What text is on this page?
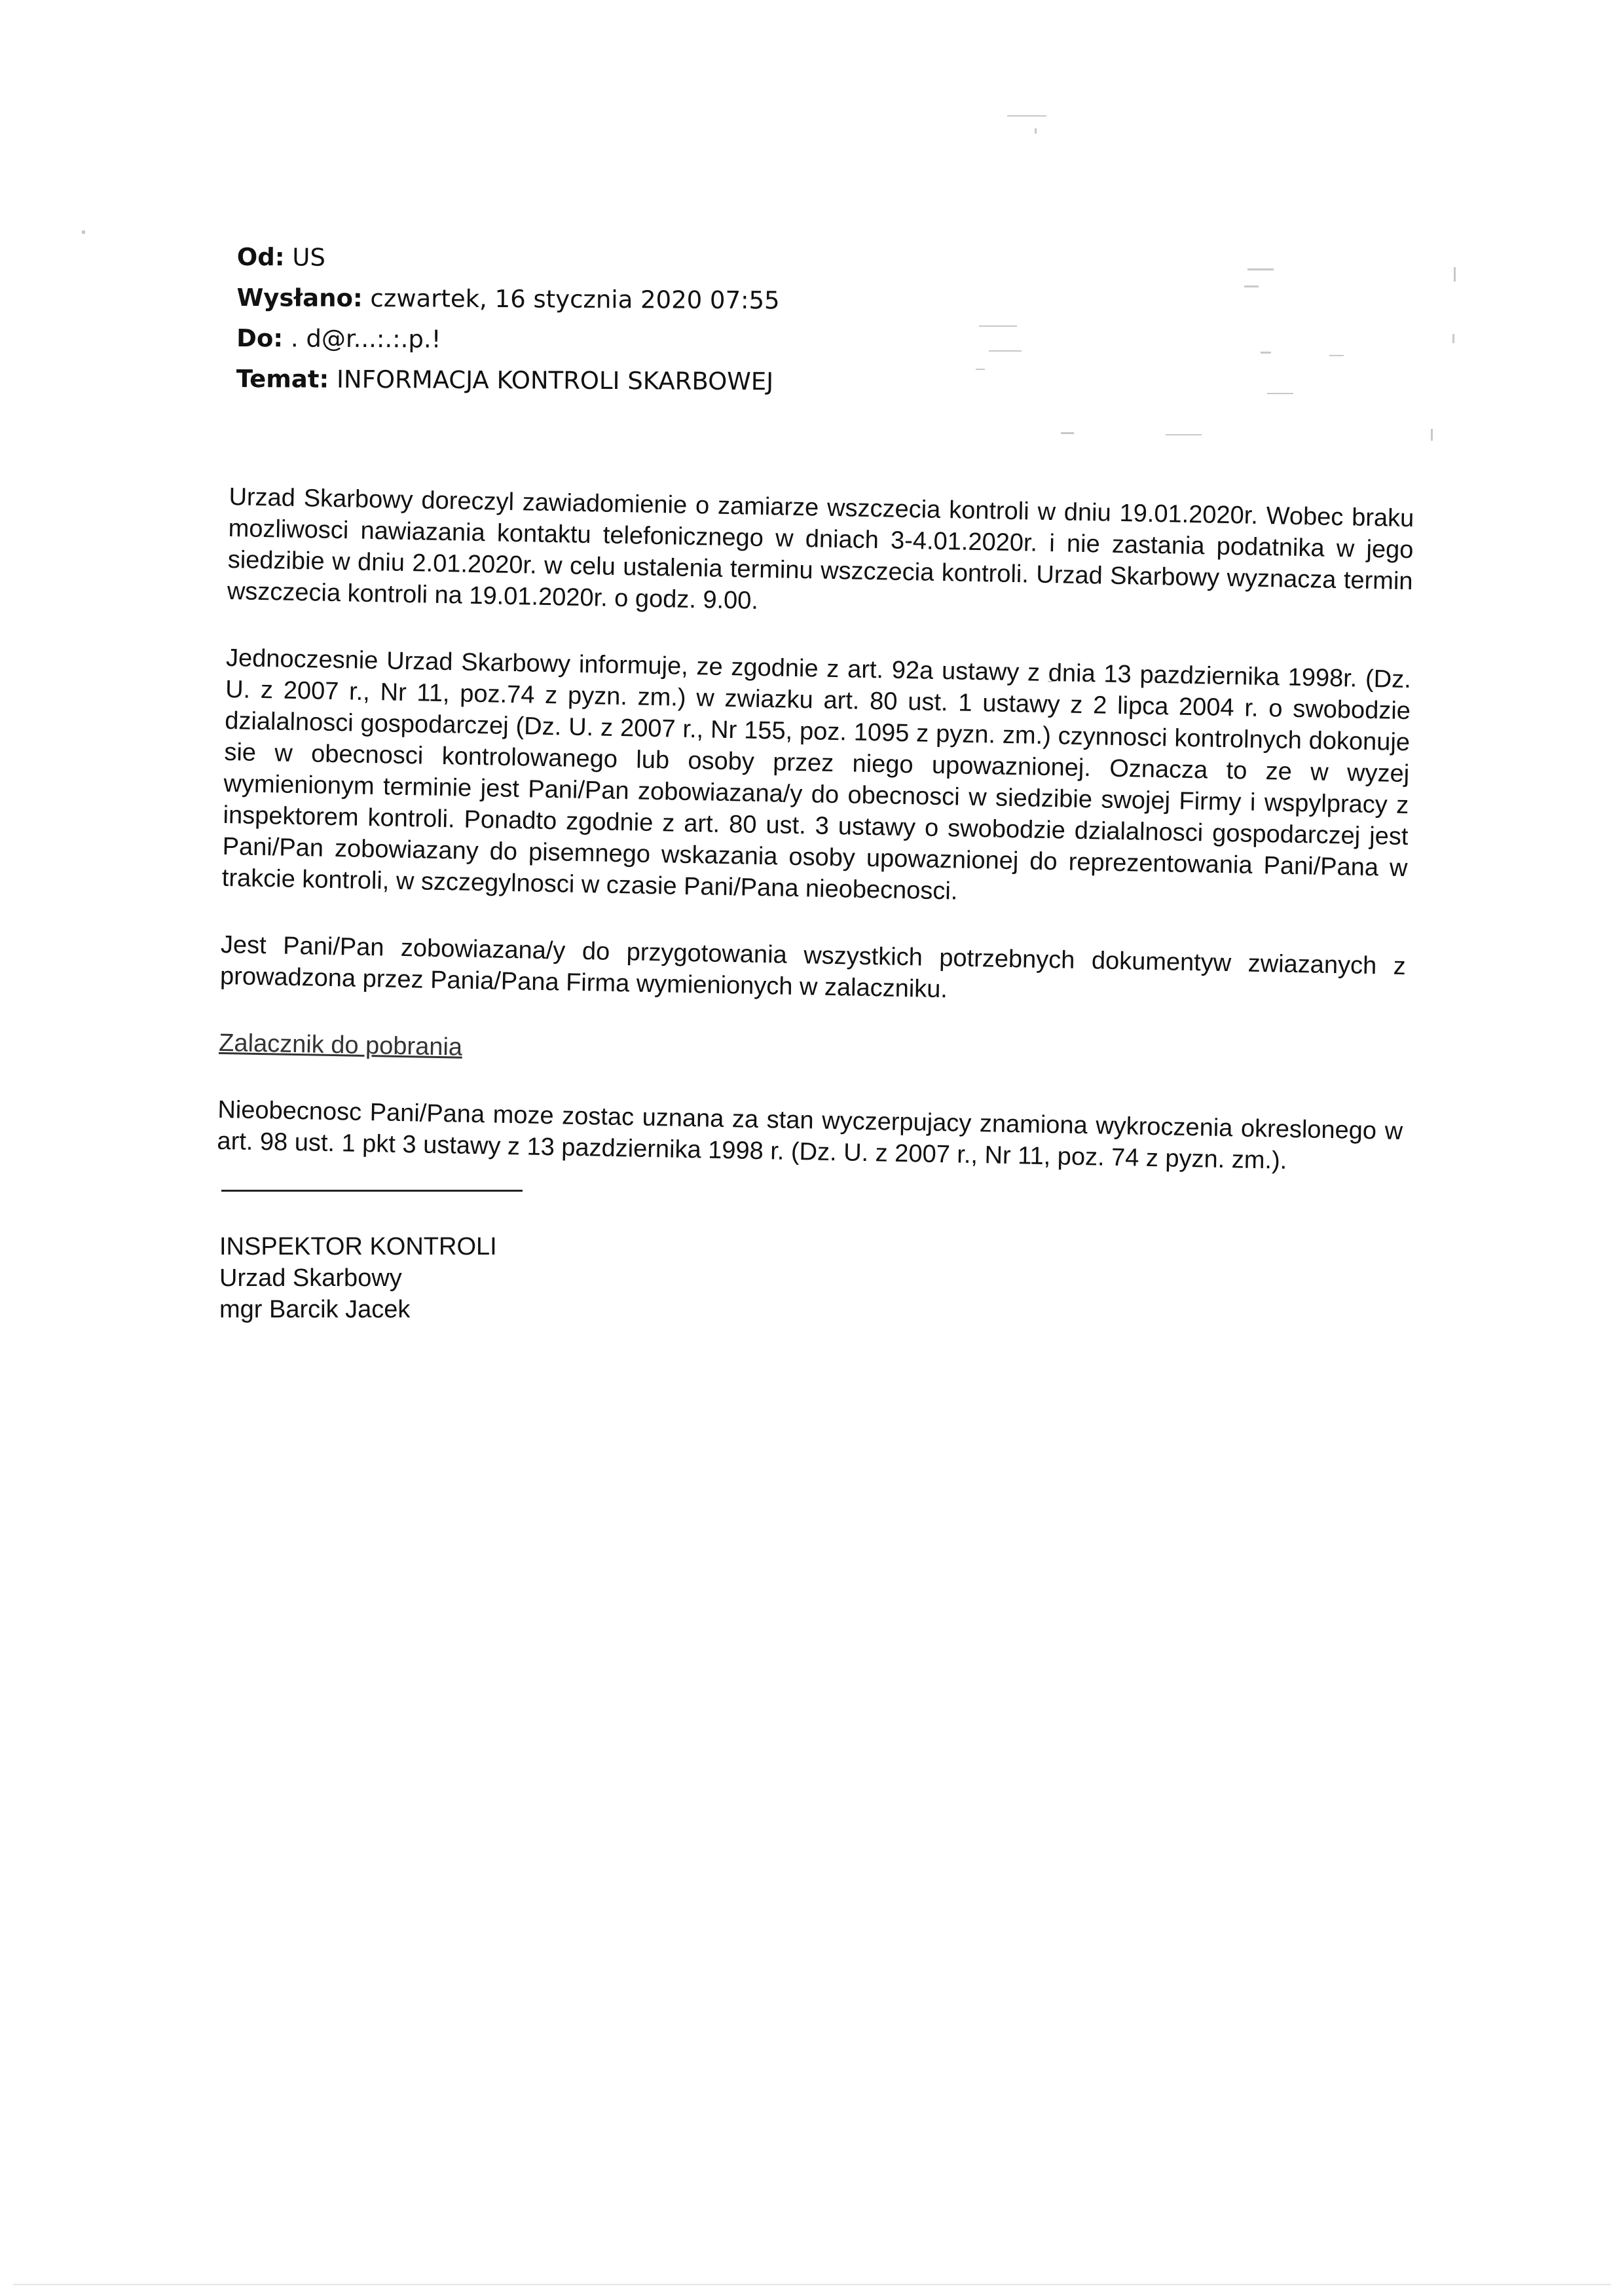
Od: US
Wysłano: czwartek, 16 stycznia 2020 07:55
Do: . d@r...:.:.p.!
Temat: INFORMACJA KONTROLI SKARBOWEJ

Urzad Skarbowy doreczyl zawiadomienie o zamiarze wszczecia kontroli w dniu 19.01.2020r. Wobec braku mozliwosci nawiazania kontaktu telefonicznego w dniach 3-4.01.2020r. i nie zastania podatnika w jego siedzibie w dniu 2.01.2020r. w celu ustalenia terminu wszczecia kontroli. Urzad Skarbowy wyznacza termin wszczecia kontroli na 19.01.2020r. o godz. 9.00.

Jednoczesnie Urzad Skarbowy informuje, ze zgodnie z art. 92a ustawy z dnia 13 pazdziernika 1998r. (Dz. U. z 2007 r., Nr 11, poz.74 z pyzn. zm.) w zwiazku art. 80 ust. 1 ustawy z 2 lipca 2004 r. o swobodzie dzialalnosci gospodarczej (Dz. U. z 2007 r., Nr 155, poz. 1095 z pyzn. zm.) czynnosci kontrolnych dokonuje sie w obecnosci kontrolowanego lub osoby przez niego upowaznionej. Oznacza to ze w wyzej wymienionym terminie jest Pani/Pan zobowiazana/y do obecnosci w siedzibie swojej Firmy i wspylpracy z inspektorem kontroli. Ponadto zgodnie z art. 80 ust. 3 ustawy o swobodzie dzialalnosci gospodarczej jest Pani/Pan zobowiazany do pisemnego wskazania osoby upowaznionej do reprezentowania Pani/Pana w trakcie kontroli, w szczegylnosci w czasie Pani/Pana nieobecnosci.

Jest Pani/Pan zobowiazana/y do przygotowania wszystkich potrzebnych dokumentyw zwiazanych z prowadzona przez Pania/Pana Firma wymienionych w zalaczniku.

Zalacznik do pobrania

Nieobecnosc Pani/Pana moze zostac uznana za stan wyczerpujacy znamiona wykroczenia okreslonego w art. 98 ust. 1 pkt 3 ustawy z 13 pazdziernika 1998 r. (Dz. U. z 2007 r., Nr 11, poz. 74 z pyzn. zm.).

INSPEKTOR KONTROLI
Urzad Skarbowy
mgr Barcik Jacek
